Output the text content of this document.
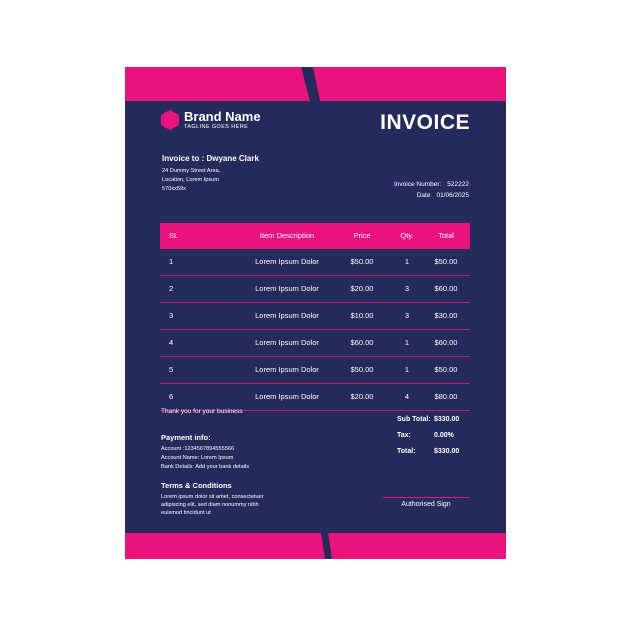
Brand Name
TAGLINE GOES HERE	INVOICE
Invoice to : Dwyane Clark
24 Dummy Street Area,
Location, Lorem Ipsum
570xx59x
Invoice Number: 522222
Date 01/06/2025
SL	Item Description	Price	Qty.	Total
1	Lorem Ipsum Dolor	$50.00	1	$50.00
2	Lorem Ipsum Dolor	$20.00	3	$60.00
3	Lorem Ipsum Dolor	$10.00	3	$30.00
4	Lorem Ipsum Dolor	$60.00	1	$60.00
5	Lorem Ipsum Dolor	$50.00	1	$50.00
6	Lorem Ipsum Dolor	$20.00	4	$80.00
Thank you for your business
Sub Total: $330.00
Tax:	0.00%
Total:	$330.00
Payment info:
Account :1234567894555566
Account Name: Lorem Ipsum
Bank Details: Add your bank details
Terms & Conditions
Lorem ipsum dolor sit amet, consectetuer adipiscing elit, sed diam nonummy nibh euismod tincidunt ut
Authorised Sign
